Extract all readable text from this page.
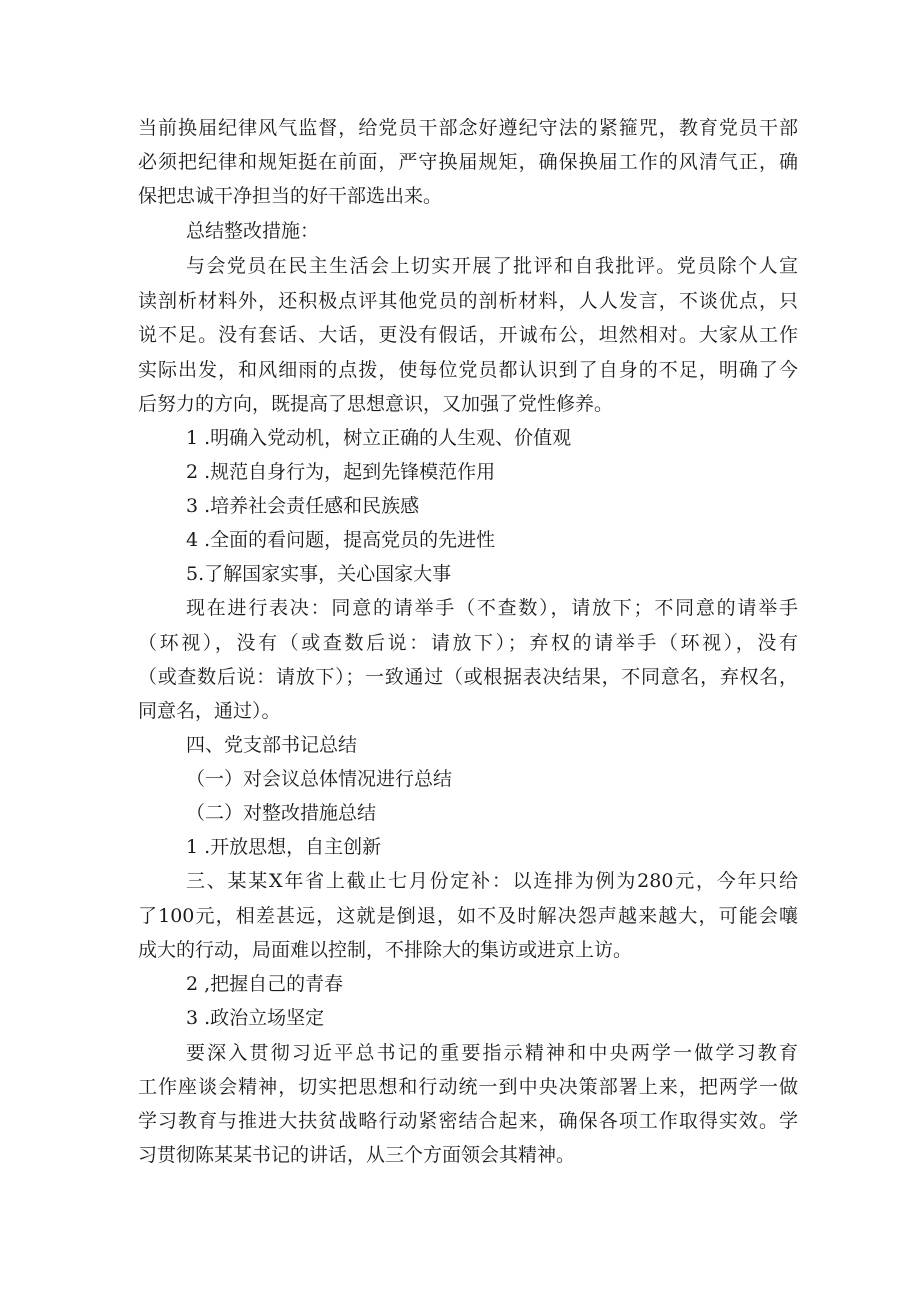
当前换届纪律风气监督，给党员干部念好遵纪守法的紧箍咒，教育党员干部
必须把纪律和规矩挺在前面，严守换届规矩，确保换届工作的风清气正，确
保把忠诚干净担当的好干部选出来。
总结整改措施：
与会党员在民主生活会上切实开展了批评和自我批评。党员除个人宣
读剖析材料外，还积极点评其他党员的剖析材料，人人发言，不谈优点，只
说不足。没有套话、大话，更没有假话，开诚布公，坦然相对。大家从工作
实际出发，和风细雨的点拨，使每位党员都认识到了自身的不足，明确了今
后努力的方向，既提高了思想意识，又加强了党性修养。
1 .明确入党动机，树立正确的人生观、价值观
2 .规范自身行为，起到先锋模范作用
3 .培养社会责任感和民族感
4 .全面的看问题，提高党员的先进性
5.了解国家实事，关心国家大事
现在进行表决：同意的请举手（不查数），请放下；不同意的请举手
（环视），没有（或查数后说：请放下）；弃权的请举手（环视），没有
（或查数后说：请放下）；一致通过（或根据表决结果，不同意名，弃权名，
同意名，通过）。
四、党支部书记总结
（一）对会议总体情况进行总结
（二）对整改措施总结
1 .开放思想，自主创新
三、某某X年省上截止七月份定补：以连排为例为280元，今年只给
了100元，相差甚远，这就是倒退，如不及时解决怨声越来越大，可能会嚷
成大的行动，局面难以控制，不排除大的集访或进京上访。
2 ,把握自己的青春
3 .政治立场坚定
要深入贯彻习近平总书记的重要指示精神和中央两学一做学习教育
工作座谈会精神，切实把思想和行动统一到中央决策部署上来，把两学一做
学习教育与推进大扶贫战略行动紧密结合起来，确保各项工作取得实效。学
习贯彻陈某某书记的讲话，从三个方面领会其精神。
